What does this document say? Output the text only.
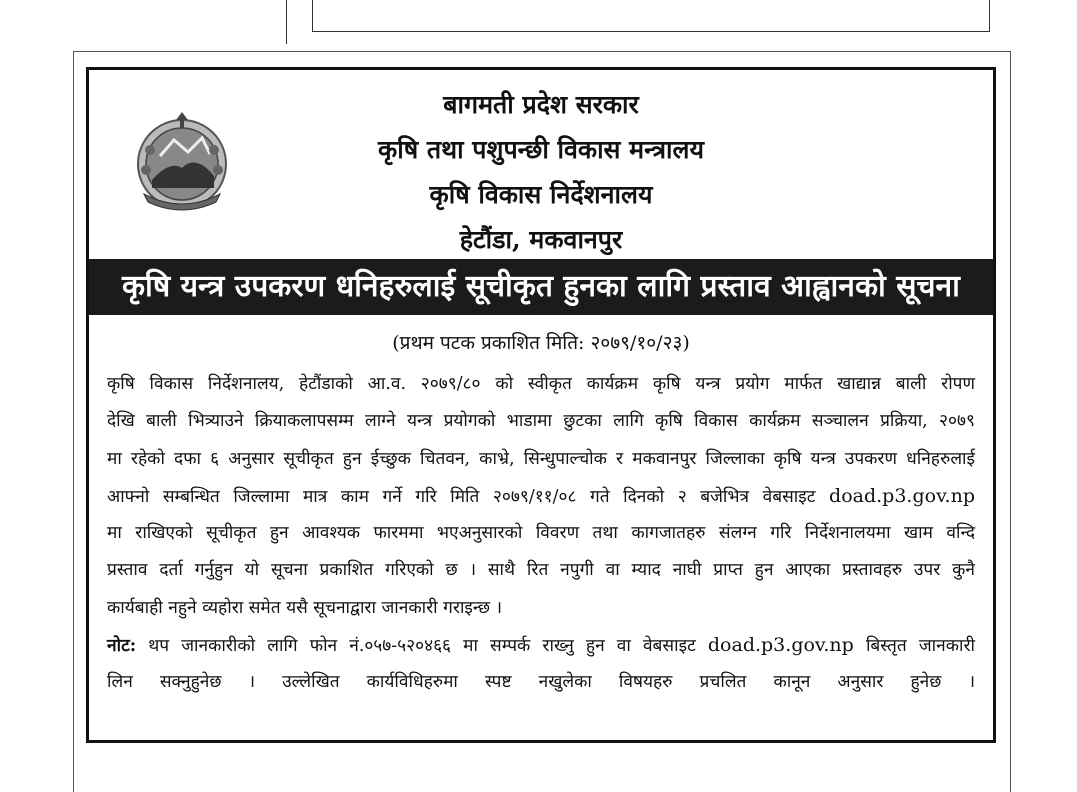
बागमती प्रदेश सरकार
कृषि तथा पशुपन्छी विकास मन्त्रालय
कृषि विकास निर्देशनालय
हेटौंडा, मकवानपुर
कृषि यन्त्र उपकरण धनिहरुलाई सूचीकृत हुनका लागि प्रस्ताव आह्वानको सूचना
(प्रथम पटक प्रकाशित मिति: २०७९/१०/२३)
कृषि विकास निर्देशनालय, हेटौंडाको आ.व. २०७९/८० को स्वीकृत कार्यक्रम कृषि यन्त्र प्रयोग मार्फत खाद्यान्न बाली रोपण
देखि बाली भित्र्याउने क्रियाकलापसम्म लाग्ने यन्त्र प्रयोगको भाडामा छुटका लागि कृषि विकास कार्यक्रम सञ्चालन प्रक्रिया, २०७९
मा रहेको दफा ६ अनुसार सूचीकृत हुन ईच्छुक चितवन, काभ्रे, सिन्धुपाल्चोक र मकवानपुर जिल्लाका कृषि यन्त्र उपकरण धनिहरुलाई
आफ्नो सम्बन्धित जिल्लामा मात्र काम गर्ने गरि मिति २०७९/११/०८ गते दिनको २ बजेभित्र वेबसाइट doad.p3.gov.np
मा राखिएको सूचीकृत हुन आवश्यक फारममा भएअनुसारको विवरण तथा कागजातहरु संलग्न गरि निर्देशनालयमा खाम वन्दि
प्रस्ताव दर्ता गर्नुहुन यो सूचना प्रकाशित गरिएको छ । साथै रित नपुगी वा म्याद नाघी प्राप्त हुन आएका प्रस्तावहरु उपर कुनै
कार्यबाही नहुने व्यहोरा समेत यसै सूचनाद्वारा जानकारी गराइन्छ ।
नोट: थप जानकारीको लागि फोन नं.०५७-५२०४६६ मा सम्पर्क राख्नु हुन वा वेबसाइट doad.p3.gov.np बिस्तृत जानकारी
लिन सक्नुहुनेछ । उल्लेखित कार्यविधिहरुमा स्पष्ट नखुलेका विषयहरु प्रचलित कानून अनुसार हुनेछ ।
